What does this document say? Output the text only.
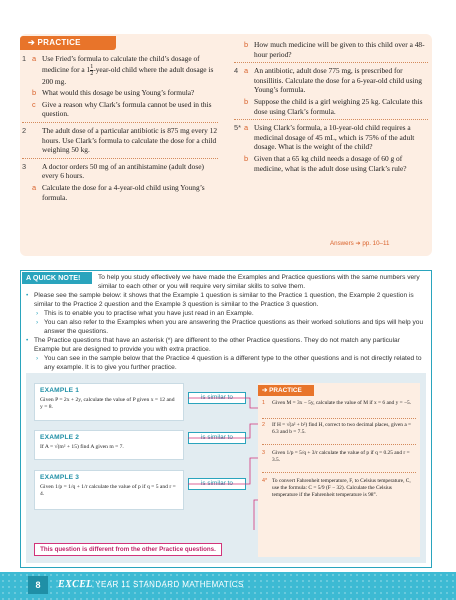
➔ PRACTICE
1 a Use Fried’s formula to calculate the child’s dosage of medicine for a $1 \frac{1}{2}$ -year-old child where the adult dosage is 200 mg.
b What would this dosage be using Young’s formula?
c Give a reason why Clark’s formula cannot be used in this question.
2 The adult dose of a particular antibiotic is 875 mg every 12 hours. Use Clark’s formula to calculate the dose for a child weighing 50 kg.
3 A doctor orders 50 mg of an antihistamine (adult dose) every 6 hours.
a Calculate the dose for a 4-year-old child using Young’s formula.
b How much medicine will be given to this child over a 48-hour period?
4 a An antibiotic, adult dose 775 mg, is prescribed for tonsillitis. Calculate the dose for a 6-year-old child using Young’s formula.
b Suppose the child is a girl weighing 25 kg. Calculate this dose using Clark’s formula.
5* a Using Clark’s formula, a 10-year-old child requires a medicinal dosage of 45 mL, which is 75% of the adult dosage. What is the weight of the child?
b Given that a 65 kg child needs a dosage of 60 g of medicine, what is the adult dose using Clark’s rule?
Answers ➔ pp. 10–11
A QUICK NOTE!	To help you study effectively we have made the Examples and Practice questions with the same numbers very similar to each other or you will require very similar skills to solve them.
• Please see the sample below: it shows that the Example 1 question is similar to the Practice 1 question, the Example 2 question is similar to the Practice 2 question and the Example 3 question is similar to the Practice 3 question.
› This is to enable you to practise what you have just read in an Example.
› You can also refer to the Examples when you are answering the Practice questions as their worked solutions and tips will help you answer the questions.
• The Practice questions that have an asterisk (*) are different to the other Practice questions. They do not match any particular Example but are designed to provide you with extra practice.
› You can see in the sample below that the Practice 4 question is a different type to the other questions and is not directly related to any example. It is to give you further practice.
EXAMPLE 1
Given P = 2x + 2y, calculate the value of P given x = 12 and y = 8.
EXAMPLE 2
If A = √(m² + 15) find A given m = 7.
EXAMPLE 3
Given 1/p = 1/q + 1/r calculate the value of p if q = 5 and r = 4.
is similar to
is similar to
is similar to
➔ PRACTICE
1 Given M = 3x − 5y, calculate the value of M if x = 6 and y = −5.
2 If H = √(a² + b²) find H, correct to two decimal places, given a = 6.3 and b = 7.5.
3 Given 1/p = 5/q + 3/r calculate the value of p if q = 0.25 and r = 3.5.
4* To convert Fahrenheit temperature, F, to Celsius temperature, C, use the formula: C = 5/9 (F − 32). Calculate the Celsius temperature if the Fahrenheit temperature is 98°.
This question is different from the other Practice questions.
8	EXCEL YEAR 11 STANDARD MATHEMATICS
